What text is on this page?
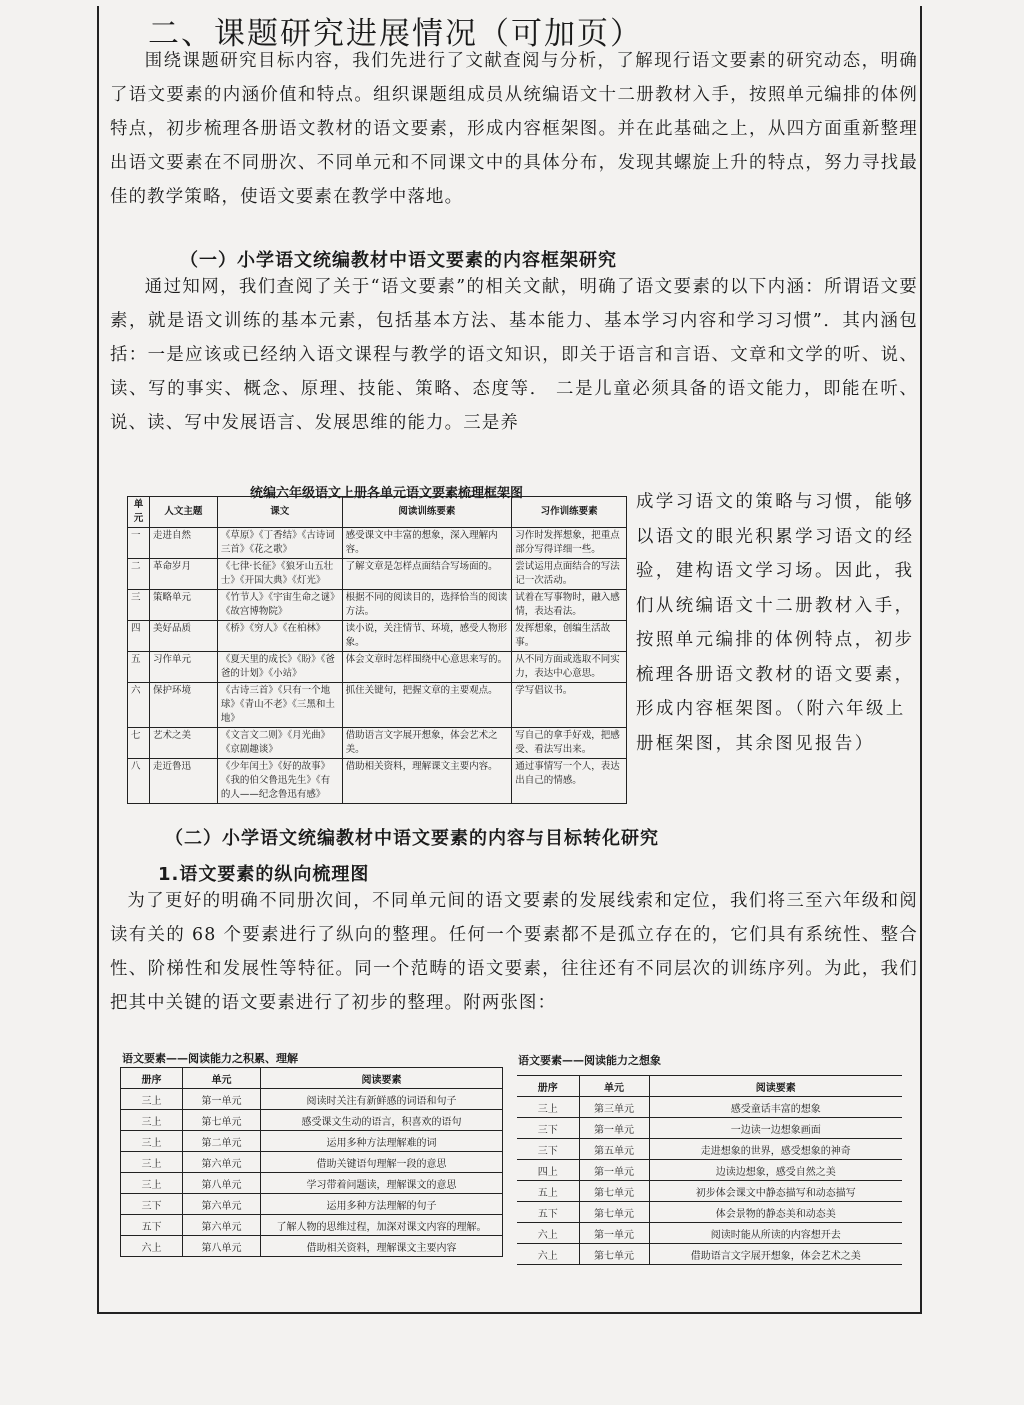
二、课题研究进展情况（可加页）
围绕课题研究目标内容，我们先进行了文献查阅与分析，了解现行语文要素的研究动态，明确了语文要素的内涵价值和特点。组织课题组成员从统编语文十二册教材入手，按照单元编排的体例特点，初步梳理各册语文教材的语文要素，形成内容框架图。并在此基础之上，从四方面重新整理出语文要素在不同册次、不同单元和不同课文中的具体分布，发现其螺旋上升的特点，努力寻找最佳的教学策略，使语文要素在教学中落地。
（一）小学语文统编教材中语文要素的内容框架研究
通过知网，我们查阅了关于“语文要素”的相关文献，明确了语文要素的以下内涵：所谓语文要素，就是语文训练的基本元素，包括基本方法、基本能力、基本学习内容和学习习惯”．其内涵包括：一是应该或已经纳入语文课程与教学的语文知识，即关于语言和言语、文章和文学的听、说、读、写的事实、概念、原理、技能、策略、态度等． 二是儿童必须具备的语文能力，即能在听、说、读、写中发展语言、发展思维的能力。三是养
统编六年级语文上册各单元语文要素梳理框架图
单元	人文主题	课文	阅读训练要素	习作训练要素
一	走进自然	《草原》《丁香结》《古诗词三首》《花之歌》	感受课文中丰富的想象，深入理解内容。	习作时发挥想象，把重点部分写得详细一些。
二	革命岁月	《七律·长征》《狼牙山五壮士》《开国大典》《灯光》	了解文章是怎样点面结合写场面的。	尝试运用点面结合的写法记一次活动。
三	策略单元	《竹节人》《宇宙生命之谜》《故宫博物院》	根据不同的阅读目的，选择恰当的阅读方法。	试着在写事物时，融入感情，表达看法。
四	美好品质	《桥》《穷人》《在柏林》	读小说，关注情节、环境，感受人物形象。	发挥想象，创编生活故事。
五	习作单元	《夏天里的成长》《盼》《爸爸的计划》《小站》	体会文章时怎样围绕中心意思来写的。	从不同方面或选取不同实力，表达中心意思。
六	保护环境	《古诗三首》《只有一个地球》《青山不老》《三黑和土地》	抓住关键句，把握文章的主要观点。	学写倡议书。
七	艺术之美	《文言文二则》《月光曲》《京剧趣谈》	借助语言文字展开想象，体会艺术之美。	写自己的拿手好戏，把感受、看法写出来。
八	走近鲁迅	《少年闰土》《好的故事》《我的伯父鲁迅先生》《有的人——纪念鲁迅有感》	借助相关资料，理解课文主要内容。	通过事情写一个人，表达出自己的情感。
成学习语文的策略与习惯，能够以语文的眼光积累学习语文的经验，建构语文学习场。因此，我们从统编语文十二册教材入手，按照单元编排的体例特点，初步梳理各册语文教材的语文要素，形成内容框架图。（附六年级上册框架图，其余图见报告）
（二）小学语文统编教材中语文要素的内容与目标转化研究
1.语文要素的纵向梳理图
为了更好的明确不同册次间，不同单元间的语文要素的发展线索和定位，我们将三至六年级和阅读有关的 68 个要素进行了纵向的整理。任何一个要素都不是孤立存在的，它们具有系统性、整合性、阶梯性和发展性等特征。同一个范畴的语文要素，往往还有不同层次的训练序列。为此，我们把其中关键的语文要素进行了初步的整理。附两张图：
语文要素——阅读能力之积累、理解
册序	单元	阅读要素
三上	第一单元	阅读时关注有新鲜感的词语和句子
三上	第七单元	感受课文生动的语言，积喜欢的语句
三上	第二单元	运用多种方法理解难的词
三上	第六单元	借助关键语句理解一段的意思
三上	第八单元	学习带着问题读，理解课文的意思
三下	第六单元	运用多种方法理解的句子
五下	第六单元	了解人物的思维过程，加深对课文内容的理解。
六上	第八单元	借助相关资料，理解课文主要内容
语文要素——阅读能力之想象
册序	单元	阅读要素
三上	第三单元	感受童话丰富的想象
三下	第一单元	一边读一边想象画面
三下	第五单元	走进想象的世界，感受想象的神奇
四上	第一单元	边读边想象，感受自然之美
五上	第七单元	初步体会课文中静态描写和动态描写
五下	第七单元	体会景物的静态美和动态美
六上	第一单元	阅读时能从所读的内容想开去
六上	第七单元	借助语言文字展开想象，体会艺术之美
